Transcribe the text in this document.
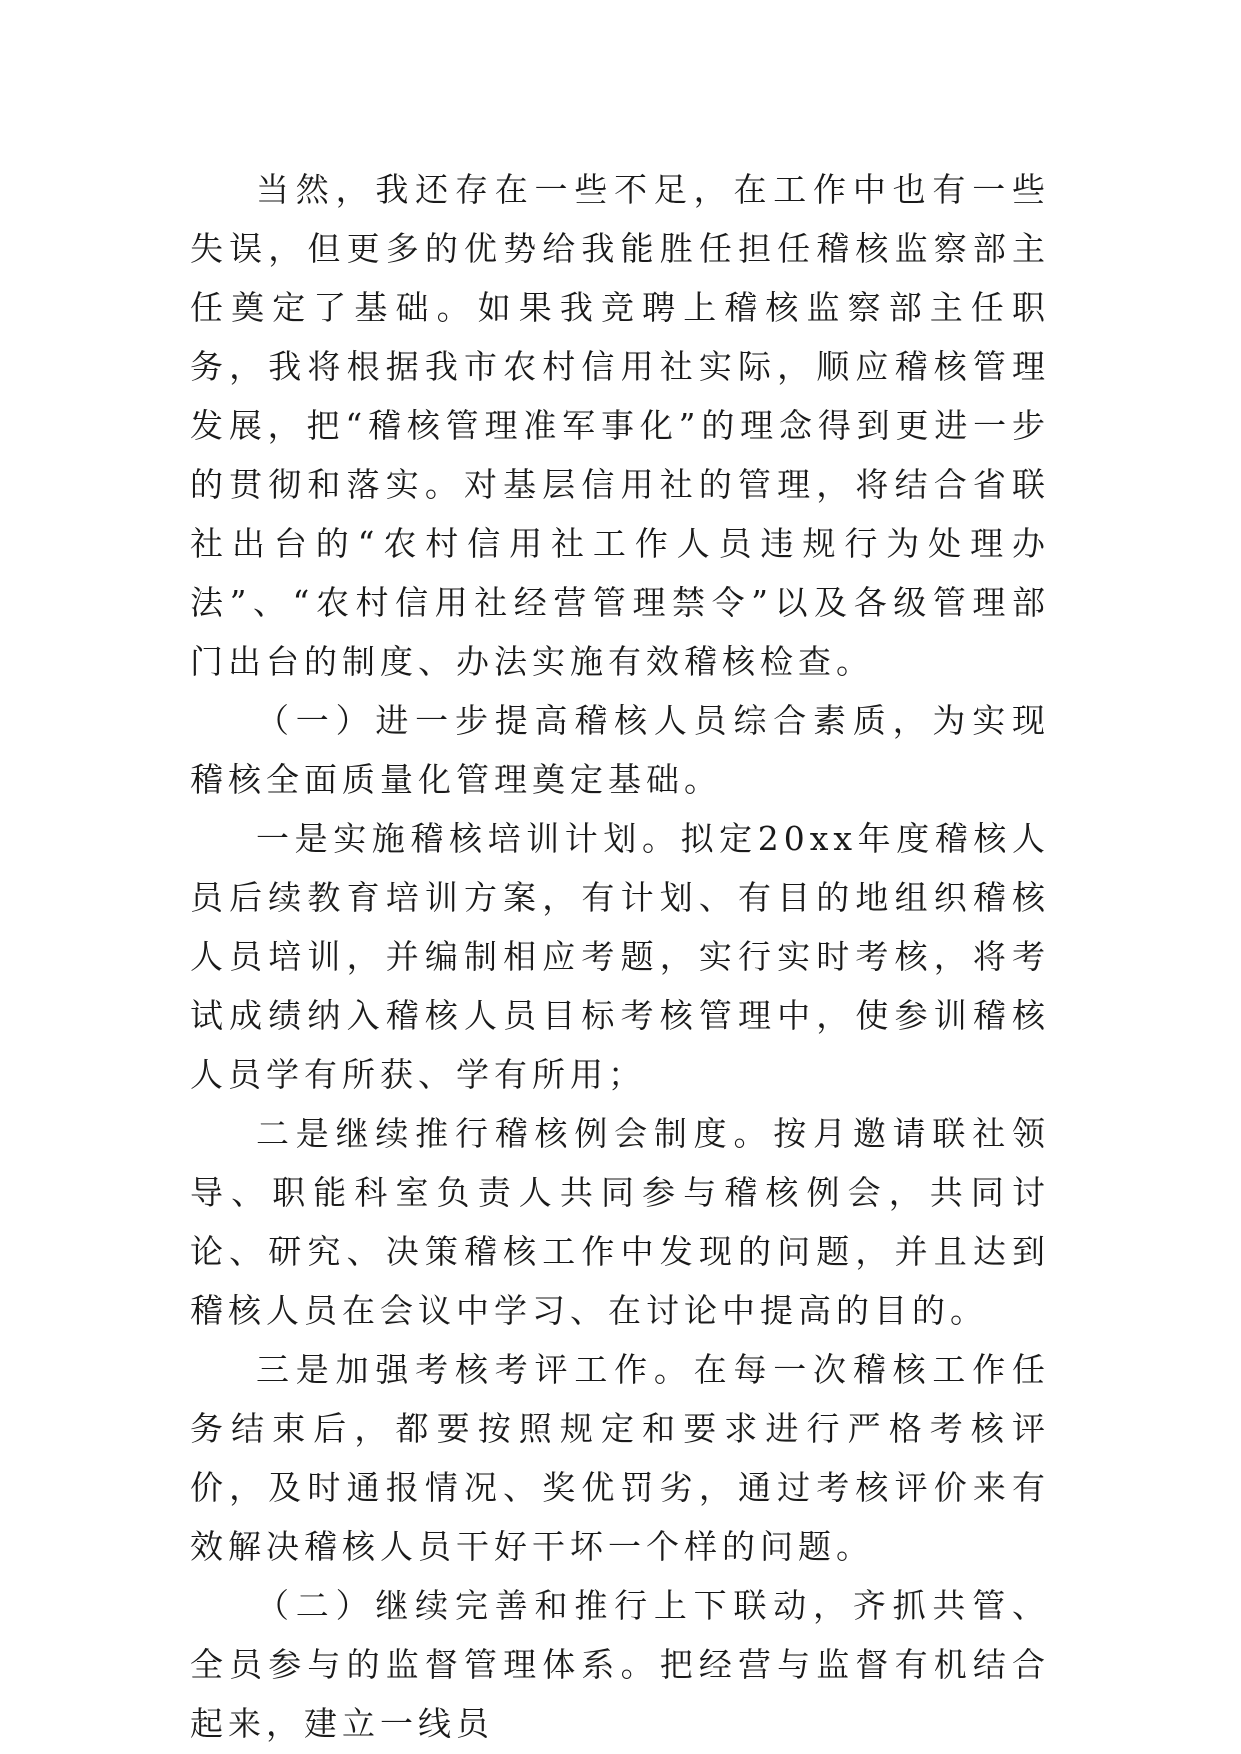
当然，我还存在一些不足，在工作中也有一些失误，但更多的优势给我能胜任担任稽核监察部主任奠定了基础。如果我竞聘上稽核监察部主任职务，我将根据我市农村信用社实际，顺应稽核管理发展，把“稽核管理准军事化”的理念得到更进一步的贯彻和落实。对基层信用社的管理，将结合省联社出台的“农村信用社工作人员违规行为处理办法”、“农村信用社经营管理禁令”以及各级管理部门出台的制度、办法实施有效稽核检查。

（一）进一步提高稽核人员综合素质，为实现稽核全面质量化管理奠定基础。

一是实施稽核培训计划。拟定20xx年度稽核人员后续教育培训方案，有计划、有目的地组织稽核人员培训，并编制相应考题，实行实时考核，将考试成绩纳入稽核人员目标考核管理中，使参训稽核人员学有所获、学有所用；

二是继续推行稽核例会制度。按月邀请联社领导、职能科室负责人共同参与稽核例会，共同讨论、研究、决策稽核工作中发现的问题，并且达到稽核人员在会议中学习、在讨论中提高的目的。

三是加强考核考评工作。在每一次稽核工作任务结束后，都要按照规定和要求进行严格考核评价，及时通报情况、奖优罚劣，通过考核评价来有效解决稽核人员干好干坏一个样的问题。

（二）继续完善和推行上下联动，齐抓共管、全员参与的监督管理体系。把经营与监督有机结合起来，建立一线员
